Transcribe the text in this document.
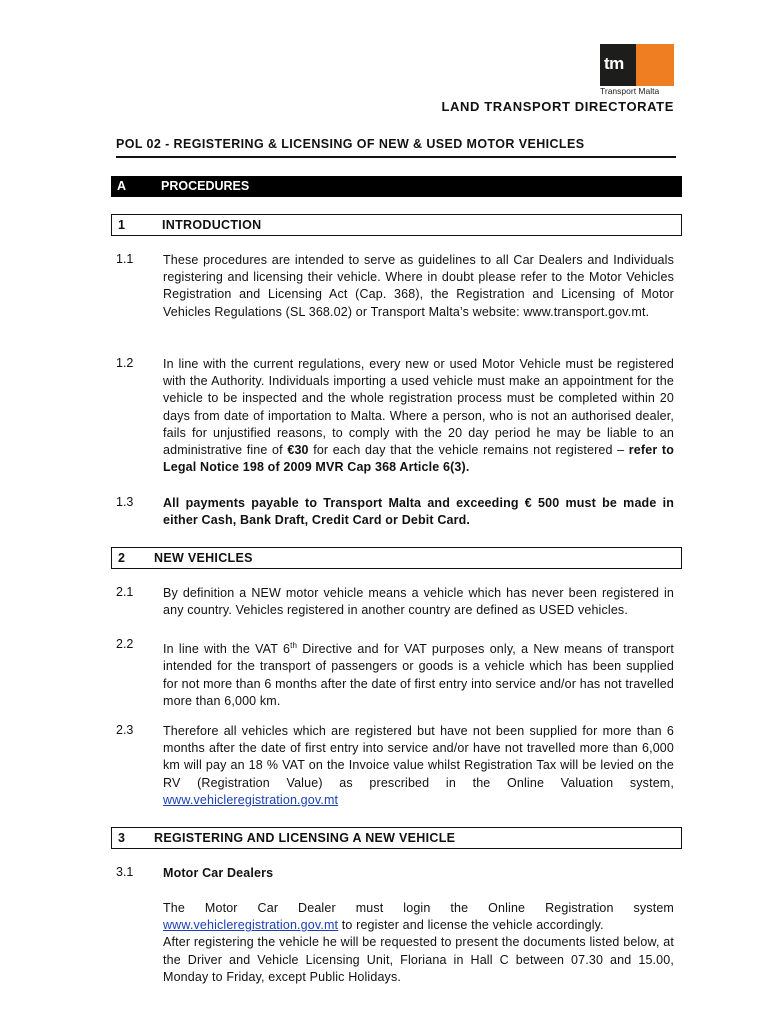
tm
Transport Malta
LAND TRANSPORT DIRECTORATE
POL 02 - REGISTERING & LICENSING OF NEW & USED MOTOR VEHICLES
A	PROCEDURES
1	INTRODUCTION
1.1 These procedures are intended to serve as guidelines to all Car Dealers and Individuals registering and licensing their vehicle. Where in doubt please refer to the Motor Vehicles Registration and Licensing Act (Cap. 368), the Registration and Licensing of Motor Vehicles Regulations (SL 368.02) or Transport Malta’s website: www.transport.gov.mt.
1.2 In line with the current regulations, every new or used Motor Vehicle must be registered with the Authority. Individuals importing a used vehicle must make an appointment for the vehicle to be inspected and the whole registration process must be completed within 20 days from date of importation to Malta. Where a person, who is not an authorised dealer, fails for unjustified reasons, to comply with the 20 day period he may be liable to an administrative fine of €30 for each day that the vehicle remains not registered – refer to Legal Notice 198 of 2009 MVR Cap 368 Article 6(3).
1.3 All payments payable to Transport Malta and exceeding € 500 must be made in either Cash, Bank Draft, Credit Card or Debit Card.
2 NEW VEHICLES
2.1 By definition a NEW motor vehicle means a vehicle which has never been registered in any country. Vehicles registered in another country are defined as USED vehicles.
2.2 In line with the VAT 6th Directive and for VAT purposes only, a New means of transport intended for the transport of passengers or goods is a vehicle which has been supplied for not more than 6 months after the date of first entry into service and/or has not travelled more than 6,000 km.
2.3 Therefore all vehicles which are registered but have not been supplied for more than 6 months after the date of first entry into service and/or have not travelled more than 6,000 km will pay an 18 % VAT on the Invoice value whilst Registration Tax will be levied on the RV (Registration Value) as prescribed in the Online Valuation system, www.vehicleregistration.gov.mt
3 REGISTERING AND LICENSING A NEW VEHICLE
3.1 Motor Car Dealers
The Motor Car Dealer must login the Online Registration system www.vehicleregistration.gov.mt to register and license the vehicle accordingly.
After registering the vehicle he will be requested to present the documents listed below, at the Driver and Vehicle Licensing Unit, Floriana in Hall C between 07.30 and 15.00, Monday to Friday, except Public Holidays.
